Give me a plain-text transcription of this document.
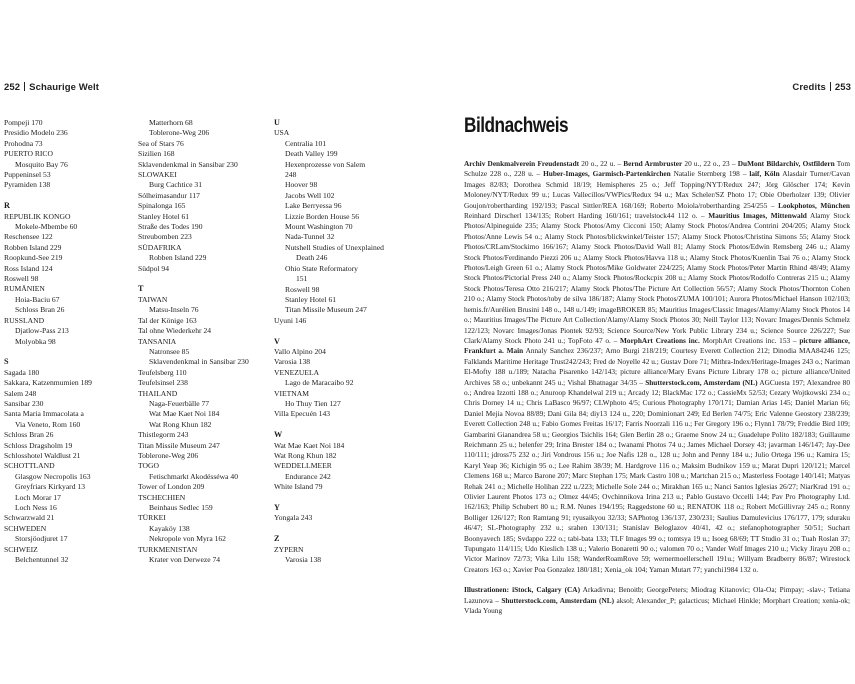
252 Schaurige Welt	Credits 253
Pompeji 170
Presidio Modelo 236
Prohodna 73
PUERTO RICO
Mosquito Bay 76
Puppeninsel 53
Pyramiden 138
R
REPUBLIK KONGO
Mokele-Mbembe 60
Reschensee 122
Robben Island 229
Roopkund-See 219
Ross Island 124
Roswell 98
RUMÄNIEN
Hoia-Baciu 67
Schloss Bran 26
RUSSLAND
Djatlow-Pass 213
Molyobka 98
S
Sagada 180
Sakkara, Katzenmumien 189
Salem 248
Sansibar 230
Santa Maria Immacolata a
Via Veneto, Rom 160
Schloss Bran 26
Schloss Dragsholm 19
Schlosshotel Waldlust 21
SCHOTTLAND
Glasgow Necropolis 163
Greyfriars Kirkyard 13
Loch Morar 17
Loch Ness 16
Schwarzwald 21
SCHWEDEN
Storsjöodjuret 17
SCHWEIZ
Belchentunnel 32
Matterhorn 68
Toblerone-Weg 206
Sea of Stars 76
Sizilien 168
Sklavendenkmal in Sansibar 230
SLOWAKEI
Burg Cachtice 31
Sólheimasandur 117
Spinalonga 165
Stanley Hotel 61
Straße des Todes 190
Streubomben 223
SÜDAFRIKA
Robben Island 229
Südpol 94
T
TAIWAN
Matsu-Inseln 76
Tal der Könige 163
Tal ohne Wiederkehr 24
TANSANIA
Natronsee 85
Sklavendenkmal in Sansibar 230
Teufelsberg 110
Teufelsinsel 238
THAILAND
Naga-Feuerbälle 77
Wat Mae Kaet Noi 184
Wat Rong Khun 182
Thistlegorm 243
Titan Missile Museum 247
Toblerone-Weg 206
TOGO
Fetischmarkt Akodésséwa 40
Tower of London 209
TSCHECHIEN
Beinhaus Sedlec 159
TÜRKEI
Kayaköy 138
Nekropole von Myra 162
TURKMENISTAN
Krater von Derweze 74
U
USA
Centralia 101
Death Valley 199
Hexenprozesse von Salem
248
Hoover 98
Jacobs Well 102
Lake Berryessa 96
Lizzie Borden House 56
Mount Washington 70
Nada-Tunnel 32
Nutshell Studies of Unexplained
Death 246
Ohio State Reformatory
151
Roswell 98
Stanley Hotel 61
Titan Missile Museum 247
Uyuni 146
V
Vallo Alpino 204
Varosia 138
VENEZUELA
Lago de Maracaibo 92
VIETNAM
Ho Thuy Tien 127
Villa Epecuén 143
W
Wat Mae Kaet Noi 184
Wat Rong Khun 182
WEDDELLMEER
Endurance 242
White Island 79
Y
Yongala 243
Z
ZYPERN
Varosia 138
Bildnachweis

Archiv Denkmalverein Freudenstadt 20 o., 22 u. – Bernd Armbruster 20 u., 22 o., 23 – DuMont Bildarchiv, Ostfildern Tom Schulze 228 o., 228 u. – Huber-Images, Garmisch-Partenkirchen Natalie Sternberg 198 – laif, Köln Alasdair Turner/Cavan Images 82/83; Dorothea Schmid 18/19; Hemispheres 25 o.; Jeff Topping/NYT/Redux 247; Jörg Glöscher 174; Kevin Moloney/NYT/Redux 99 u.; Lucas Vallecillos/VWPics/Redux 94 u.; Max Scheler/SZ Photo 17; Obie Oberholzer 139; Olivier Goujon/robertharding 192/193; Pascal Sittler/REA 168/169; Roberto Moiola/robertharding 254/255 – Lookphotos, München Reinhard Dirscherl 134/135; Robert Harding 160/161; travelstock44 112 o. – Mauritius Images, Mittenwald Alamy Stock Photos/Alpineguide 235; Alamy Stock Photos/Amy Cicconi 150; Alamy Stock Photos/Andrea Contrini 204/205; Alamy Stock Photos/Anne Lewis 54 o.; Alamy Stock Photos/blickwinkel/Teister 157; Alamy Stock Photos/Christina Simons 55; Alamy Stock Photos/CRLam/Stockimo 166/167; Alamy Stock Photos/David Wall 81; Alamy Stock Photos/Edwin Remsberg 246 u.; Alamy Stock Photos/Ferdinando Piezzi 206 u.; Alamy Stock Photos/Havva 118 u.; Alamy Stock Photos/Kuenlin Tsai 76 o.; Alamy Stock Photos/Leigh Green 61 o.; Alamy Stock Photos/Mike Goldwater 224/225; Alamy Stock Photos/Peter Martin Rhind 48/49; Alamy Stock Photos/Pictorial Press 240 o.; Alamy Stock Photos/Rockcpix 208 u.; Alamy Stock Photos/Rodolfo Contreras 215 u.; Alamy Stock Photos/Teresa Otto 216/217; Alamy Stock Photos/The Picture Art Collection 56/57; Alamy Stock Photos/Thornton Cohen 210 o.; Alamy Stock Photos/toby de silva 186/187; Alamy Stock Photos/ZUMA 100/101; Aurora Photos/Michael Hanson 102/103; hemis.fr/Aurélien Brusini 148 o., 148 u./149; imageBROKER 85; Mauritius Images/Classic Images/Alamy/Alamy Stock Photos 14 o.; Mauritius Images/The Picture Art Collection/Alamy/Alamy Stock Photos 30; Neill Taylor 113; Novarc Images/Dennis Schmelz 122/123; Novarc Images/Jonas Piontek 92/93; Science Source/New York Public Library 234 u.; Science Source 226/227; Sue Clark/Alamy Stock Photo 241 u.; TopFoto 47 o. – MorphArt Creations inc. MorphArt Creations inc. 153 – picture alliance, Frankfurt a. Main Annaly Sanchez 236/237; Arno Burgi 218/219; Courtesy Everett Collection 212; Dinodia MAA84246 125; Falklands Maritime Heritage Trust242/243; Fred de Noyelle 42 u.; Gustav Dore 71; Mithra-Index/Heritage-Images 243 o.; Nariman El-Mofty 188 u./189; Natacha Pisarenko 142/143; picture alliance/Mary Evans Picture Library 178 o.; picture alliance/United Archives 58 o.; unbekannt 245 u.; Vishal Bhatnagar 34/35 – Shutterstock.com, Amsterdam (NL) AGCuesta 197; Alexandree 80 o.; Andrea Izzotti 188 o.; Anuroop Khandelwal 219 u.; Arcady 12; BlackMac 172 o.; CassieMx 52/53; Cezary Wojtkowski 234 o.; Chris Dorney 14 u.; Chris LaBasco 96/97; CLWphoto 4/5; Curious Photography 170/171; Damian Arias 145; Daniel Marian 66; Daniel Mejia Novoa 88/89; Dani Gila 84; diy13 124 u., 220; Dominionart 249; Ed Berlen 74/75; Eric Valenne Geostory 238/239; Everett Collection 248 u.; Fabio Gomes Freitas 16/17; Farris Noorzali 116 u.; Fer Gregory 196 o.; Flynn1 78/79; Freddie Bird 109; Gambarini Gianandrea 58 u.; Georgios Tsichlis 164; Glen Berlin 28 o.; Graeme Snow 24 u.; Guadelupe Polito 182/183; Guillaume Reichmann 25 u.; helenfer 29; Irina Brester 184 o.; Iwanami Photos 74 u.; James Michael Dorsey 43; javarman 146/147; Jay-Dee 110/111; jdross75 232 o.; Jiri Vondrous 156 u.; Joe Nafis 128 o., 128 u.; John and Penny 184 u.; Julio Ortega 196 u.; Kamira 15; Karyl Yeap 36; Kichigin 95 o.; Lee Rahim 38/39; M. Hardgrove 116 o.; Maksim Budnikov 159 u.; Marat Dupri 120/121; Marcel Clemens 168 u.; Marco Barone 207; Marc Stephan 175; Mark Castro 108 u.; Martchan 215 o.; Masterless Footage 140/141; Matyas Rehak 241 o.; Michelle Holihan 222 u./223; Michelle Sole 244 o.; Mirakhan 165 u.; Nanci Santos Iglesias 26/27; NiarKrad 191 o.; Olivier Laurent Photos 173 o.; Olmez 44/45; Ovchinnikova Irina 213 u.; Pablo Gustavo Occelli 144; Pav Pro Photography Ltd. 162/163; Philip Schubert 80 u.; R.M. Nunes 194/195; Raggedstone 60 u.; RENATOK 118 o.; Robert McGillivray 245 o.; Ronny Bolliger 126/127; Ron Ramtang 91; ryusaikyou 32/33; SAPhotog 136/137, 230/231; Saulius Damulevicius 176/177, 179; sduraku 46/47; SL-Photography 232 u.; srahen 130/131; Stanislav Beloglazov 40/41, 42 o.; stefanophotographer 50/51; Suchart Boonyavech 185; Svdappo 222 o.; tabi-bata 133; TLF Images 99 o.; tomtsya 19 u.; Isoeg 68/69; TT Studio 31 o.; Tuah Roslan 37; Tupungato 114/115; Udo Kieslich 138 u.; Valerio Bonaretti 90 o.; valomen 70 o.; Vander Wolf Images 210 u.; Vicky Jirayu 208 o.; Victor Marinov 72/73; Vika Lilu 158; WanderRoamRove 59; wernermoellerschell 191u.; Willyam Bradberry 86/87; Wirestock Creators 163 o.; Xavier Poa Gonzalez 180/181; Xenia_ok 104; Yaman Mutart 77; yanchi1984 132 o.

Illustrationen: iStock, Calgary (CA) Arkadivna; Benoitb; GeorgePeters; Miodrag Kitanovic; Ola-Oa; Pimpay; -slav-; Tetiana Lazunova – Shutterstock.com, Amsterdam (NL) aksol; Alexander_P; galacticus; Michael Hinkle; Morphart Creation; xenia-ok; Vlada Young
